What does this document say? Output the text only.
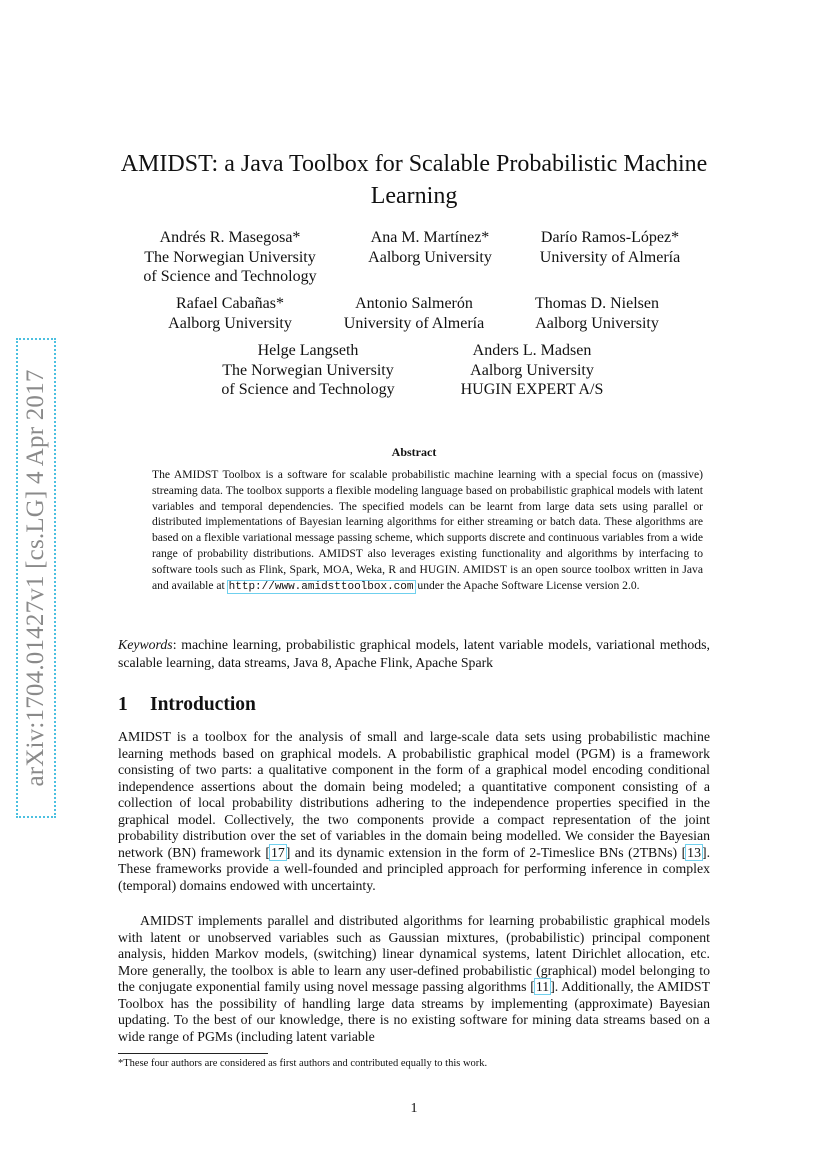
arXiv:1704.01427v1 [cs.LG] 4 Apr 2017
AMIDST: a Java Toolbox for Scalable Probabilistic Machine Learning
Andrés R. Masegosa*
The Norwegian University
of Science and Technology
Ana M. Martínez*
Aalborg University
Darío Ramos-López*
University of Almería
Rafael Cabañas*
Aalborg University
Antonio Salmerón
University of Almería
Thomas D. Nielsen
Aalborg University
Helge Langseth
The Norwegian University
of Science and Technology
Anders L. Madsen
Aalborg University
HUGIN EXPERT A/S
Abstract

The AMIDST Toolbox is a software for scalable probabilistic machine learning with a special focus on (massive) streaming data. The toolbox supports a flexible modeling language based on probabilistic graphical models with latent variables and temporal dependencies. The specified models can be learnt from large data sets using parallel or distributed implementations of Bayesian learning algorithms for either streaming or batch data. These algorithms are based on a flexible variational message passing scheme, which supports discrete and continuous variables from a wide range of probability distributions. AMIDST also leverages existing functionality and algorithms by interfacing to software tools such as Flink, Spark, MOA, Weka, R and HUGIN. AMIDST is an open source toolbox written in Java and available at http://www.amidsttoolbox.com under the Apache Software License version 2.0.

Keywords: machine learning, probabilistic graphical models, latent variable models, variational methods, scalable learning, data streams, Java 8, Apache Flink, Apache Spark

1 Introduction

AMIDST is a toolbox for the analysis of small and large-scale data sets using probabilistic machine learning methods based on graphical models. A probabilistic graphical model (PGM) is a framework consisting of two parts: a qualitative component in the form of a graphical model encoding conditional independence assertions about the domain being modeled; a quantitative component consisting of a collection of local probability distributions adhering to the independence properties specified in the graphical model. Collectively, the two components provide a compact representation of the joint probability distribution over the set of variables in the domain being modelled. We consider the Bayesian network (BN) framework [17] and its dynamic extension in the form of 2-Timeslice BNs (2TBNs) [13]. These frameworks provide a well-founded and principled approach for performing inference in complex (temporal) domains endowed with uncertainty.

AMIDST implements parallel and distributed algorithms for learning probabilistic graphical models with latent or unobserved variables such as Gaussian mixtures, (probabilistic) principal component analysis, hidden Markov models, (switching) linear dynamical systems, latent Dirichlet allocation, etc. More generally, the toolbox is able to learn any user-defined probabilistic (graphical) model belonging to the conjugate exponential family using novel message passing algorithms [11]. Additionally, the AMIDST Toolbox has the possibility of handling large data streams by implementing (approximate) Bayesian updating. To the best of our knowledge, there is no existing software for mining data streams based on a wide range of PGMs (including latent variable

*These four authors are considered as first authors and contributed equally to this work.
1
